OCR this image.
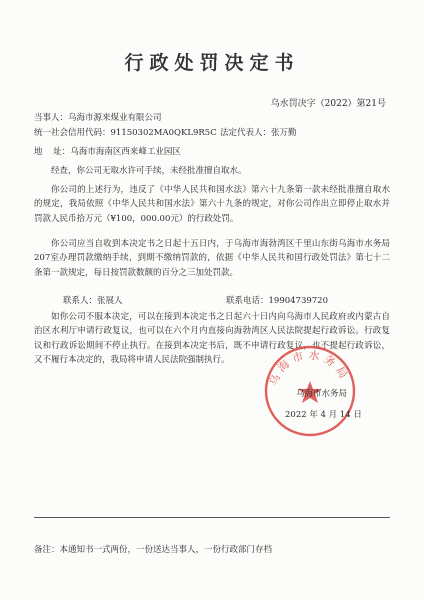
行政处罚决定书
乌水罚决字（2022）第21号
当事人：乌海市源来煤业有限公司
统一社会信用代码：91150302MA0QKL9R5C 法定代表人：张万勤
地    址：乌海市海南区西来峰工业园区
经查，你公司无取水许可手续，未经批准擅自取水。
你公司的上述行为，违反了《中华人民共和国水法》第六十九条第一款未经批准擅自取水的规定，我局依照《中华人民共和国水法》第六十九条的规定，对你公司作出立即停止取水并罚款人民币拾万元（¥100，000.00元）的行政处罚。
你公司应当自收到本决定书之日起十五日内，于乌海市海勃湾区千里山东街乌海市水务局207室办理罚款缴纳手续，到期不缴纳罚款的，依据《中华人民共和国行政处罚法》第七十二条第一款规定，每日按罚款数额的百分之三加处罚款。
联系人：张展人	联系电话：19904739720
如你公司不服本决定，可以在接到本决定书之日起六十日内向乌海市人民政府或内蒙古自治区水利厅申请行政复议，也可以在六个月内直接向海勃湾区人民法院提起行政诉讼。行政复议和行政诉讼期间不停止执行。在接到本决定书后，既不申请行政复议，也不提起行政诉讼，又不履行本决定的，我局将申请人民法院强制执行。
乌海市水务局
乌海市水务局
2022 年 4 月 14 日
备注：本通知书一式两份，一份送达当事人，一份行政部门存档
